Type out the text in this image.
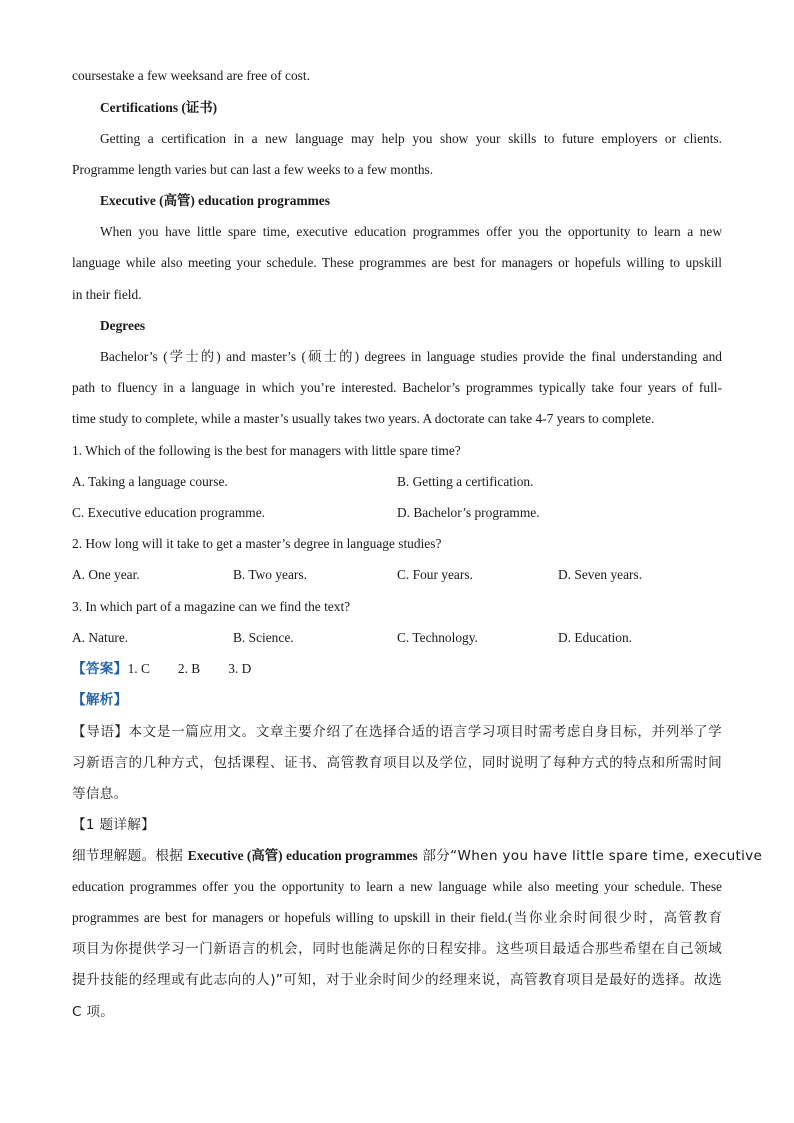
coursestake a few weeksand are free of cost.
Certifications (证书)
Getting a certification in a new language may help you show your skills to future employers or clients.
Programme length varies but can last a few weeks to a few months.
Executive (高管) education programmes
When you have little spare time, executive education programmes offer you the opportunity to learn a new
language while also meeting your schedule. These programmes are best for managers or hopefuls willing to upskill
in their field.
Degrees
Bachelor’s (学士的) and master’s (硕士的) degrees in language studies provide the final understanding and
path to fluency in a language in which you’re interested. Bachelor’s programmes typically take four years of full-
time study to complete, while a master’s usually takes two years. A doctorate can take 4-7 years to complete.
1. Which of the following is the best for managers with little spare time?
A. Taking a language course.	B. Getting a certification.
C. Executive education programme.	D. Bachelor’s programme.
2. How long will it take to get a master’s degree in language studies?
A. One year.	B. Two years.	C. Four years.	D. Seven years.
3. In which part of a magazine can we find the text?
A. Nature.	B. Science.	C. Technology.	D. Education.
【答案】1. C 2. B 3. D
【解析】
【导语】本文是一篇应用文。文章主要介绍了在选择合适的语言学习项目时需考虑自身目标，并列举了学
习新语言的几种方式，包括课程、证书、高管教育项目以及学位，同时说明了每种方式的特点和所需时间
等信息。
【1 题详解】
细节理解题。根据 Executive (高管) education programmes 部分“When you have little spare time, executive
education programmes offer you the opportunity to learn a new language while also meeting your schedule. These
programmes are best for managers or hopefuls willing to upskill in their field.(当你业余时间很少时，高管教育
项目为你提供学习一门新语言的机会，同时也能满足你的日程安排。这些项目最适合那些希望在自己领域
提升技能的经理或有此志向的人)”可知，对于业余时间少的经理来说，高管教育项目是最好的选择。故选
C 项。
